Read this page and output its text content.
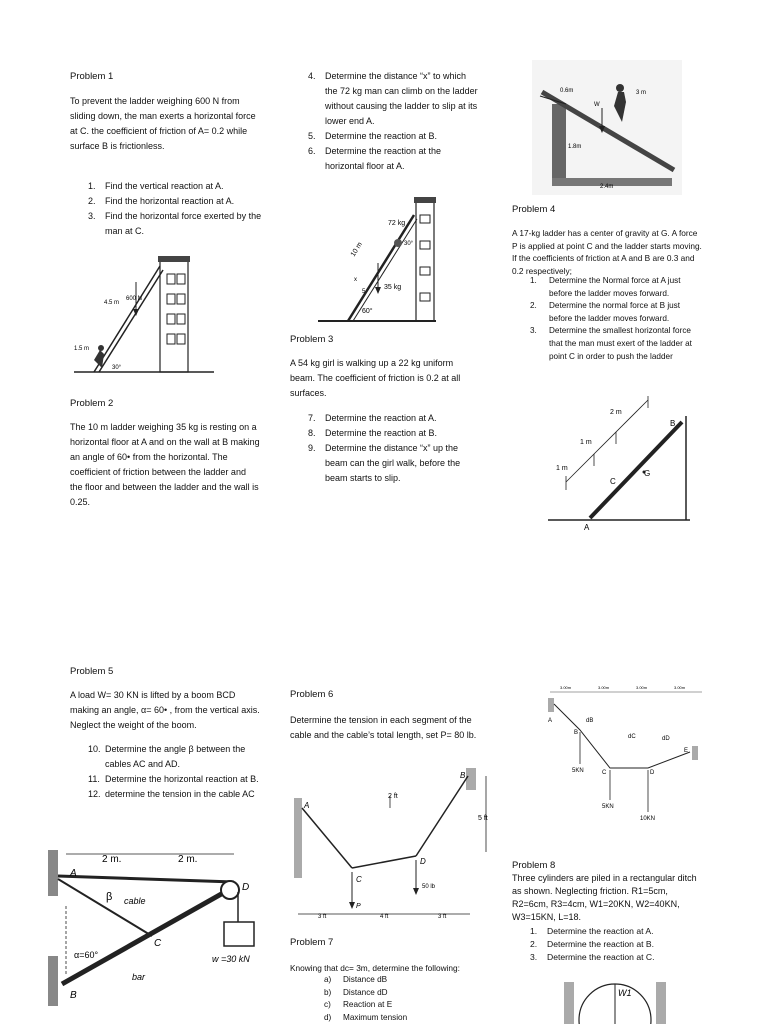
Problem 1
To prevent the ladder weighing 600 N from sliding down, the man exerts a horizontal force at C. the coefficient of friction of A= 0.2 while surface B is frictionless.
1. Find the vertical reaction at A.
2. Find the horizontal reaction at A.
3. Find the horizontal force exerted by the man at C.
4.5 m
600 N
1.5 m
30°
Problem 2
The 10 m ladder weighing 35 kg is resting on a horizontal floor at A and on the wall at B making an angle of 60• from the horizontal. The coefficient of friction between the ladder and the floor and between the ladder and the wall is 0.25.
4. Determine the distance “x” to which the 72 kg man can climb on the ladder without causing the ladder to slip at its lower end A.
5. Determine the reaction at B.
6. Determine the reaction at the horizontal floor at A.
72 kg
10 m	30°
35 kg
60°
x
5
Problem 3
A 54 kg girl is walking up a 22 kg uniform beam. The coefficient of friction is 0.2 at all surfaces.
7. Determine the reaction at A.
8. Determine the reaction at B.
9. Determine the distance “x” up the beam can the girl walk, before the beam starts to slip.
0.6m	3 m
1.8m
2.4m
W
Problem 4
A 17-kg ladder has a center of gravity at G. A force P is applied at point C and the ladder starts moving. If the coefficients of friction at A and B are 0.3 and 0.2 respectively;
1. Determine the Normal force at A just before the ladder moves forward.
2. Determine the normal force at B just before the ladder moves forward.
3. Determine the smallest horizontal force that the man must exert of the ladder at point C in order to push the ladder
2 m
1 m
1 m
A
B
C
G
Problem 5
A load W= 30 KN is lifted by a boom BCD making an angle, α= 60• , from the vertical axis. Neglect the weight of the boom.
10. Determine the angle β between the cables AC and AD.
11. Determine the horizontal reaction at B.
12. determine the tension in the cable AC
2 m.	2 m.
cable
bar
β
α=60°	w =30 kN
A
B
C
D
Problem 6
Determine the tension in each segment of the cable and the cable’s total length, set P= 80 lb.
A
B
C
D
2 ft
5 ft
3 ft	4 ft	3 ft
50 lb
P
Problem 7
Knowing that dc= 3m, determine the following:
a) Distance dB
b) Distance dD
c) Reaction at E
d) Maximum tension
3.00m	3.00m	3.00m	3.00m
A
B
C	D
E
5KN
5KN
10KN
dB
dC	dD
Problem 8
Three cylinders are piled in a rectangular ditch as shown. Neglecting friction. R1=5cm, R2=6cm, R3=4cm, W1=20KN, W2=40KN, W3=15KN, L=18.
1. Determine the reaction at A.
2. Determine the reaction at B.
3. Determine the reaction at C.
W1
